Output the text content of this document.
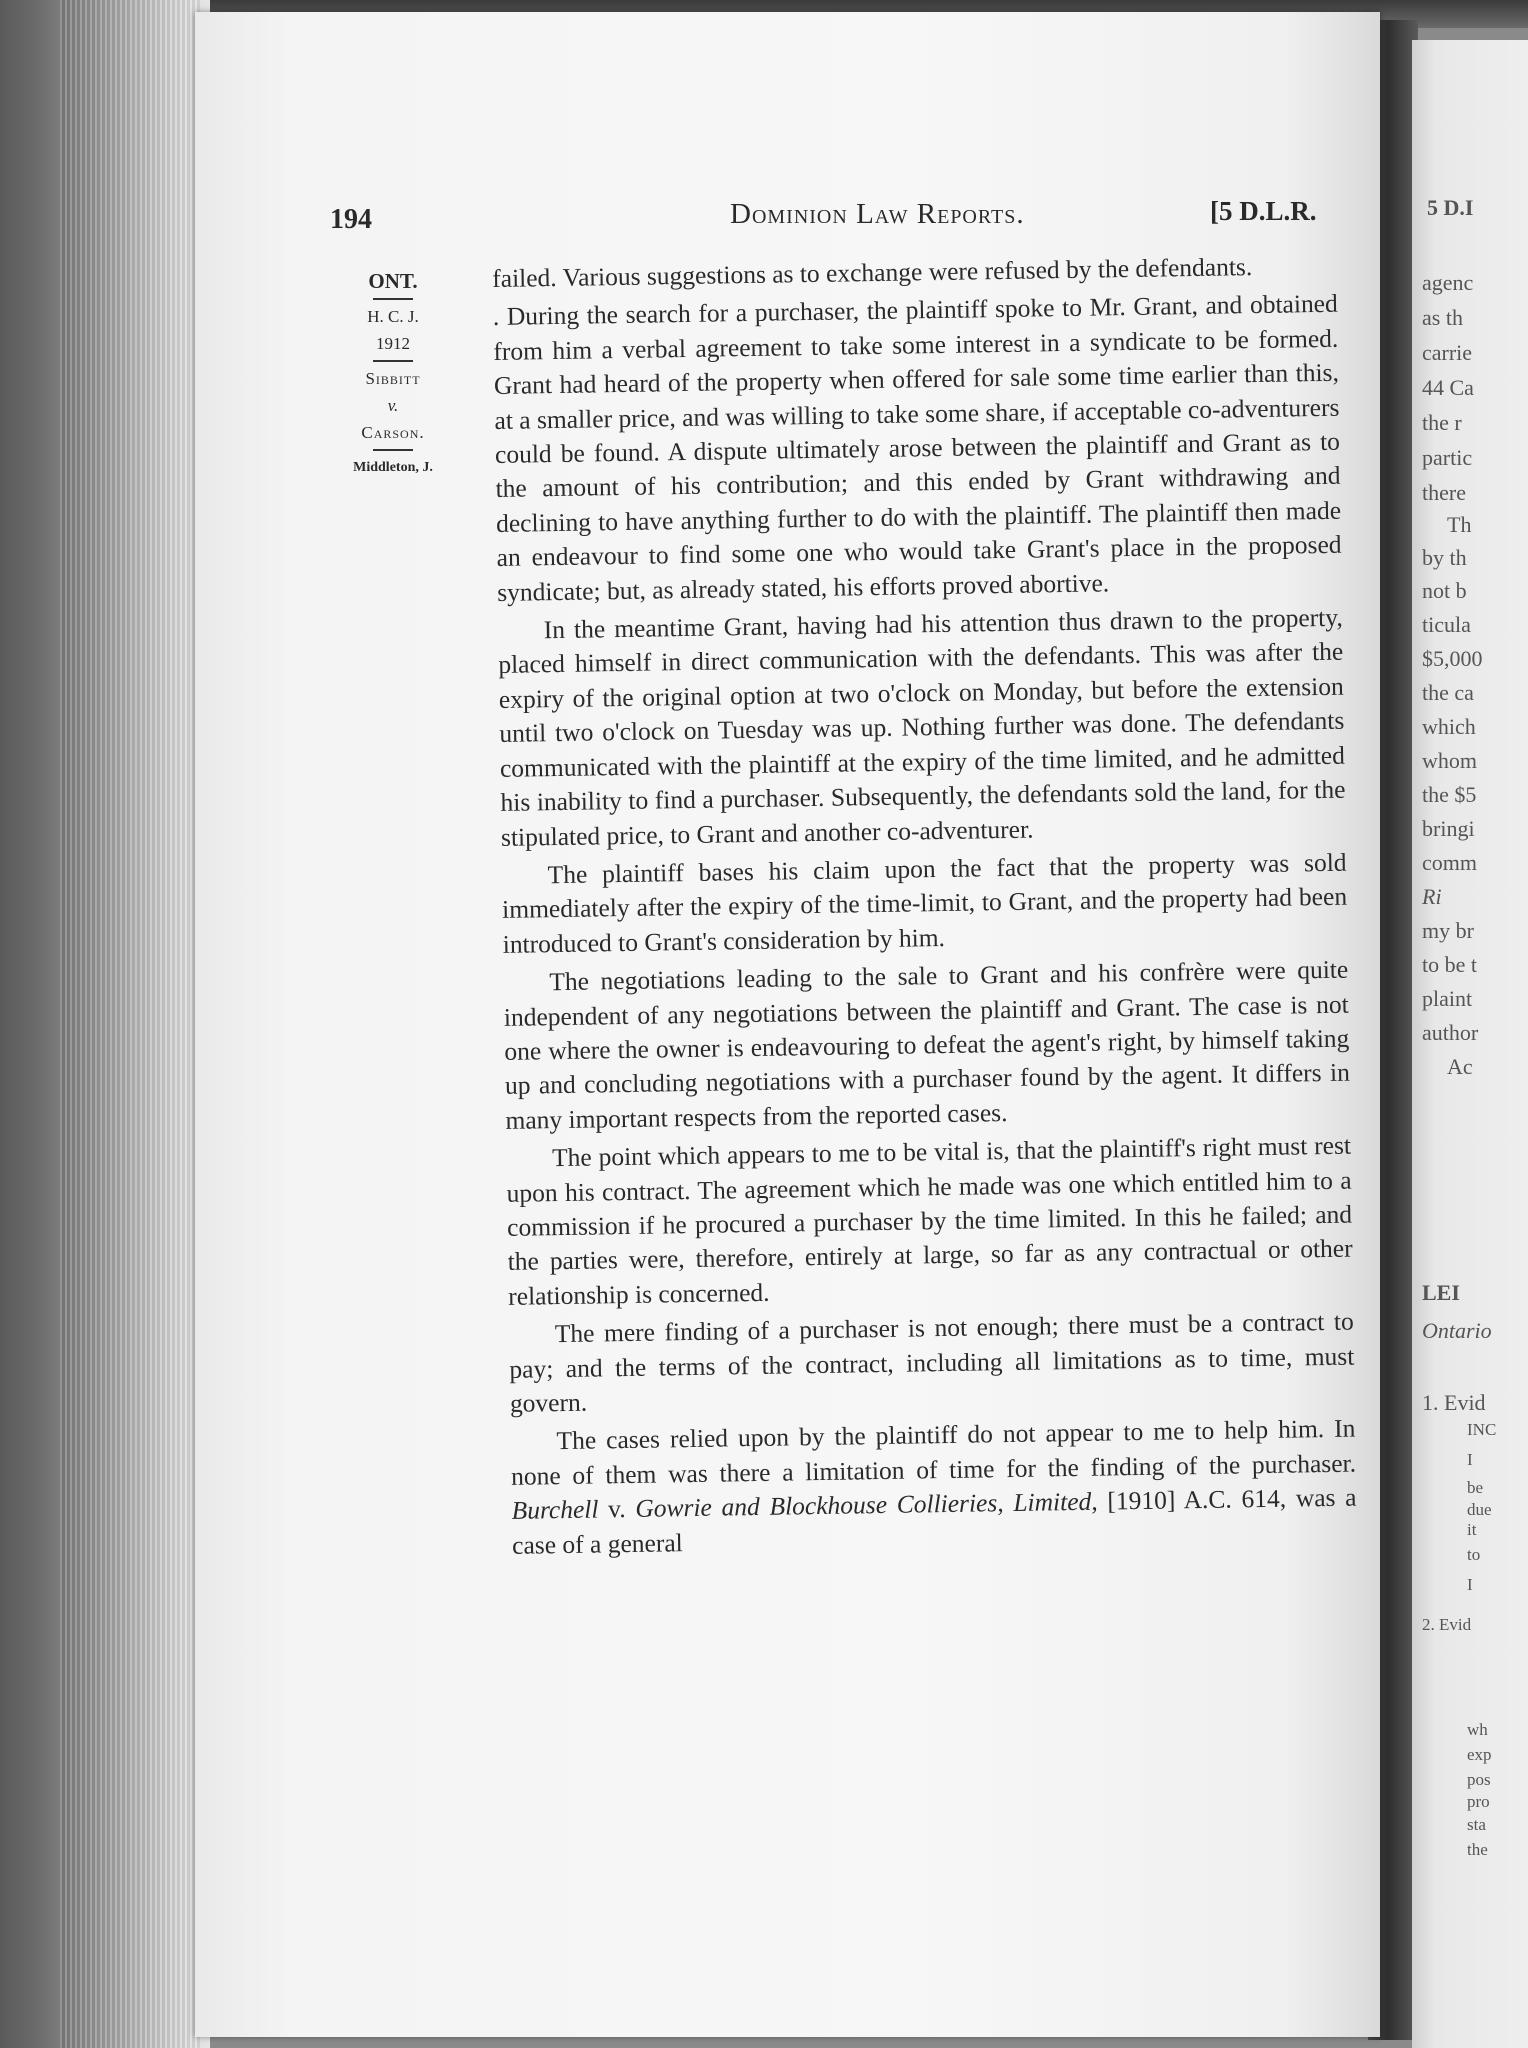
5 D.I
agenc
as th
carrie
44 Ca
the r
partic
there
Th
by th
not b
ticula
$5,000
the ca
which
whom
the $5
bringi
comm
Ri
my br
to be t
plaint
author
Ac
LEI
Ontario
1. Evid
INC
I
be
due
it
to
I
2. Evid
wh
exp
pos
pro
sta
the
194	Dominion Law Reports.	[5 D.L.R.
ONT.
H. C. J.
1912
Sibbitt
v.
Carson.
Middleton, J.

failed. Various suggestions as to exchange were refused by the defendants.

. During the search for a purchaser, the plaintiff spoke to Mr. Grant, and obtained from him a verbal agreement to take some interest in a syndicate to be formed. Grant had heard of the property when offered for sale some time earlier than this, at a smaller price, and was willing to take some share, if acceptable co-adventurers could be found. A dispute ultimately arose between the plaintiff and Grant as to the amount of his contribution; and this ended by Grant withdrawing and declining to have anything further to do with the plaintiff. The plaintiff then made an endeavour to find some one who would take Grant's place in the proposed syndicate; but, as already stated, his efforts proved abortive.

In the meantime Grant, having had his attention thus drawn to the property, placed himself in direct communication with the defendants. This was after the expiry of the original option at two o'clock on Monday, but before the extension until two o'clock on Tuesday was up. Nothing further was done. The defendants communicated with the plaintiff at the expiry of the time limited, and he admitted his inability to find a purchaser. Subsequently, the defendants sold the land, for the stipulated price, to Grant and another co-adventurer.

The plaintiff bases his claim upon the fact that the property was sold immediately after the expiry of the time-limit, to Grant, and the property had been introduced to Grant's consideration by him.

The negotiations leading to the sale to Grant and his confrère were quite independent of any negotiations between the plaintiff and Grant. The case is not one where the owner is endeavouring to defeat the agent's right, by himself taking up and concluding negotiations with a purchaser found by the agent. It differs in many important respects from the reported cases.

The point which appears to me to be vital is, that the plaintiff's right must rest upon his contract. The agreement which he made was one which entitled him to a commission if he procured a purchaser by the time limited. In this he failed; and the parties were, therefore, entirely at large, so far as any contractual or other relationship is concerned.

The mere finding of a purchaser is not enough; there must be a contract to pay; and the terms of the contract, including all limitations as to time, must govern.

The cases relied upon by the plaintiff do not appear to me to help him. In none of them was there a limitation of time for the finding of the purchaser. Burchell v. Gowrie and Blockhouse Collieries, Limited, [1910] A.C. 614, was a case of a general
